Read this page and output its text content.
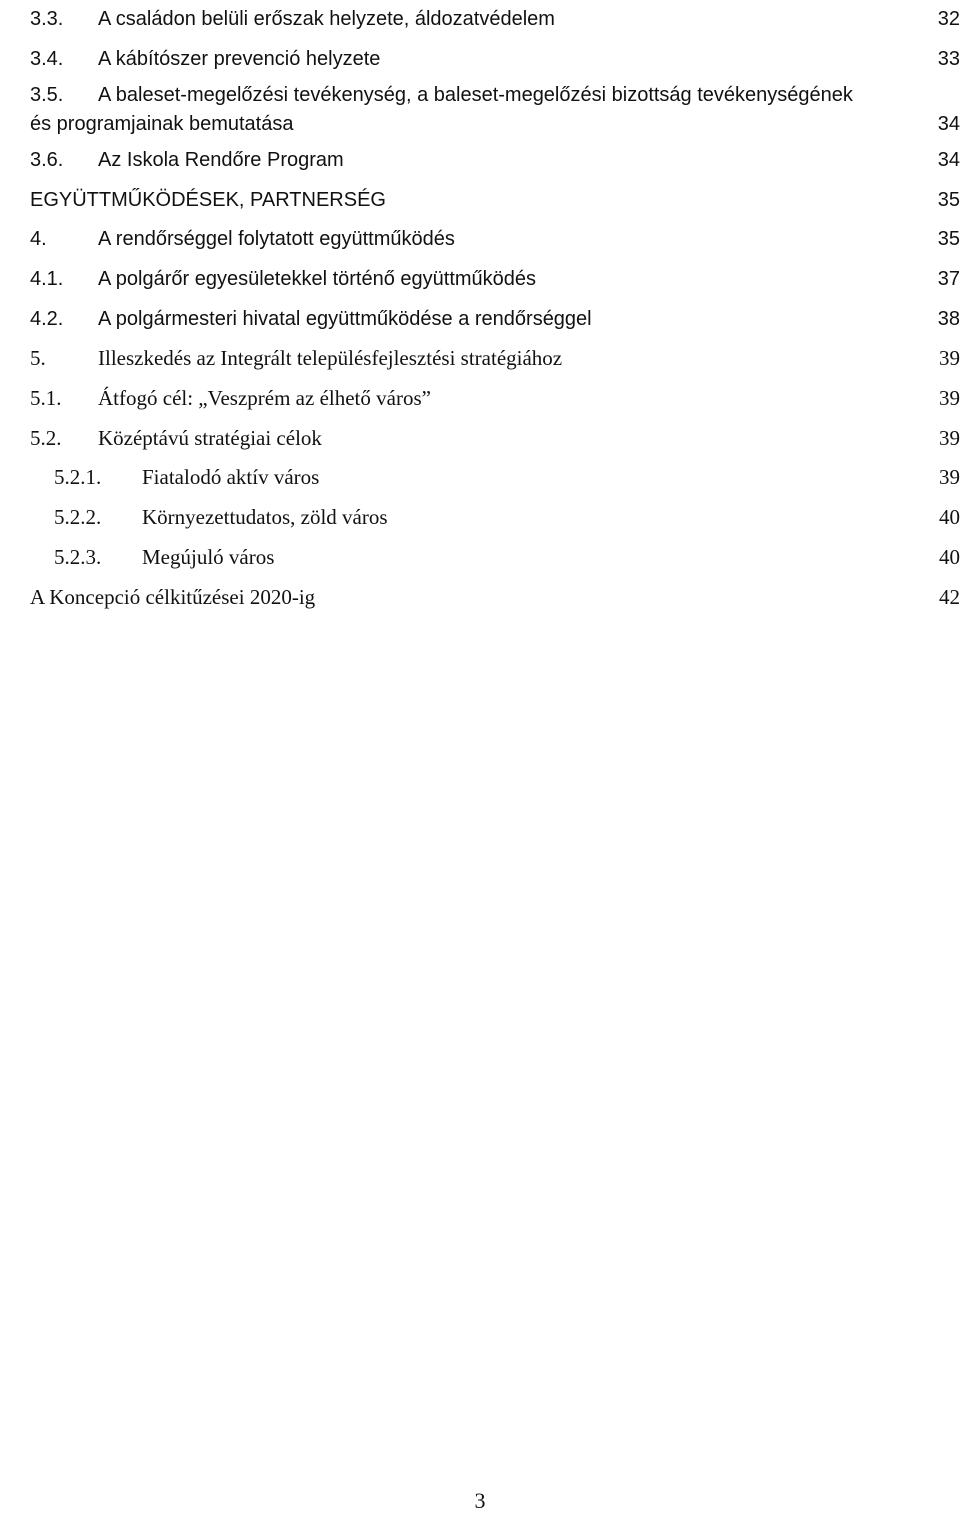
3.3.	A családon belüli erőszak helyzete, áldozatvédelem	32
3.4.	A kábítószer prevenció helyzete	33
3.5.	A baleset-megelőzési tevékenység, a baleset-megelőzési bizottság tevékenységének
és programjainak bemutatása	34
3.6.	Az Iskola Rendőre Program	34
EGYÜTTMŰKÖDÉSEK, PARTNERSÉG	35
4.	A rendőrséggel folytatott együttműködés	35
4.1.	A polgárőr egyesületekkel történő együttműködés	37
4.2.	A polgármesteri hivatal együttműködése a rendőrséggel	38
5.	Illeszkedés az Integrált településfejlesztési stratégiához	39
5.1.	Átfogó cél: „Veszprém az élhető város”	39
5.2.	Középtávú stratégiai célok	39
5.2.1.	Fiatalodó aktív város	39
5.2.2.	Környezettudatos, zöld város	40
5.2.3.	Megújuló város	40
A Koncepció célkitűzései 2020-ig	42
3
